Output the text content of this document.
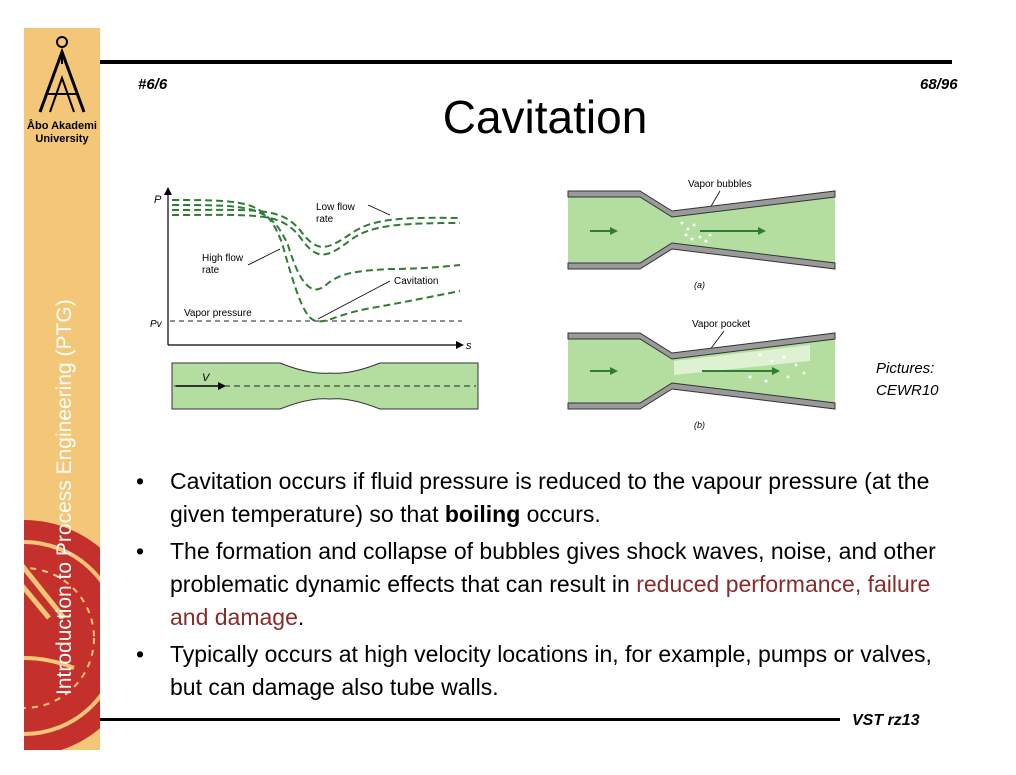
Åbo Akademi University
Introduction to Process Engineering (PTG)
#6/6	68/96
Cavitation
P
s
Pv
Vapor pressure
Low flow
rate
High flow
rate
Cavitation
V
Vapor bubbles
(a)
Vapor pocket
(b)
Pictures:
CEWR10
• Cavitation occurs if fluid pressure is reduced to the vapour pressure (at the given temperature) so that boiling occurs.
• The formation and collapse of bubbles gives shock waves, noise, and other problematic dynamic effects that can result in reduced performance, failure and damage.
• Typically occurs at high velocity locations in, for example, pumps or valves, but can damage also tube walls.
VST rz13
